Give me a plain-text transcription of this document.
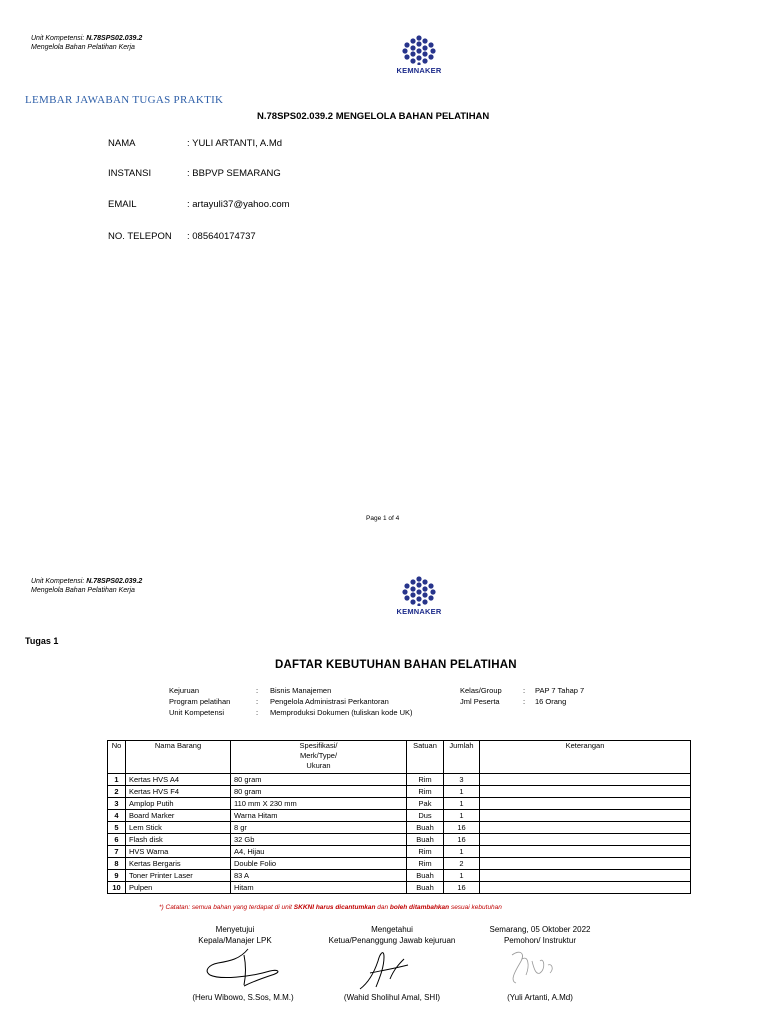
Unit Kompetensi: N.78SPS02.039.2
Mengelola Bahan Pelatihan Kerja
KEMNAKER
LEMBAR JAWABAN TUGAS PRAKTIK
N.78SPS02.039.2 MENGELOLA BAHAN PELATIHAN
NAMA	: YULI ARTANTI, A.Md
INSTANSI	: BBPVP SEMARANG
EMAIL	: artayuli37@yahoo.com
NO. TELEPON : 085640174737
Page 1 of 4
Unit Kompetensi: N.78SPS02.039.2
Mengelola Bahan Pelatihan Kerja
KEMNAKER
Tugas 1
DAFTAR KEBUTUHAN BAHAN PELATIHAN
Kejuruan	: Bisnis Manajemen
Program pelatihan	: Pengelola Administrasi Perkantoran
Unit Kompetensi	: Memproduksi Dokumen (tuliskan kode UK)
Kelas/Group	: PAP 7 Tahap 7
Jml Peserta	: 16 Orang
No	Nama Barang	Spesifikasi/
Merk/Type/
Ukuran	Satuan	Jumlah	Keterangan
1	Kertas HVS A4	80 gram	Rim	3	
2	Kertas HVS F4	80 gram	Rim	1	
3	Amplop Putih	110 mm X 230 mm	Pak	1	
4	Board Marker	Warna Hitam	Dus	1	
5	Lem Stick	8 gr	Buah	16	
6	Flash disk	32 Gb	Buah	16	
7	HVS Warna	A4, Hijau	Rim	1	
8	Kertas Bergaris	Double Folio	Rim	2	
9	Toner Printer Laser	83 A	Buah	1	
10	Pulpen	Hitam	Buah	16	
*) Catatan: semua bahan yang terdapat di unit SKKNI harus dicantumkan dan boleh ditambahkan sesuai kebutuhan
Menyetujui
Kepala/Manajer LPK
(Heru Wibowo, S.Sos, M.M.)
Mengetahui
Ketua/Penanggung Jawab kejuruan
(Wahid Sholihul Amal, SHI)
Semarang, 05 Oktober 2022
Pemohon/ Instruktur
(Yuli Artanti, A.Md)
